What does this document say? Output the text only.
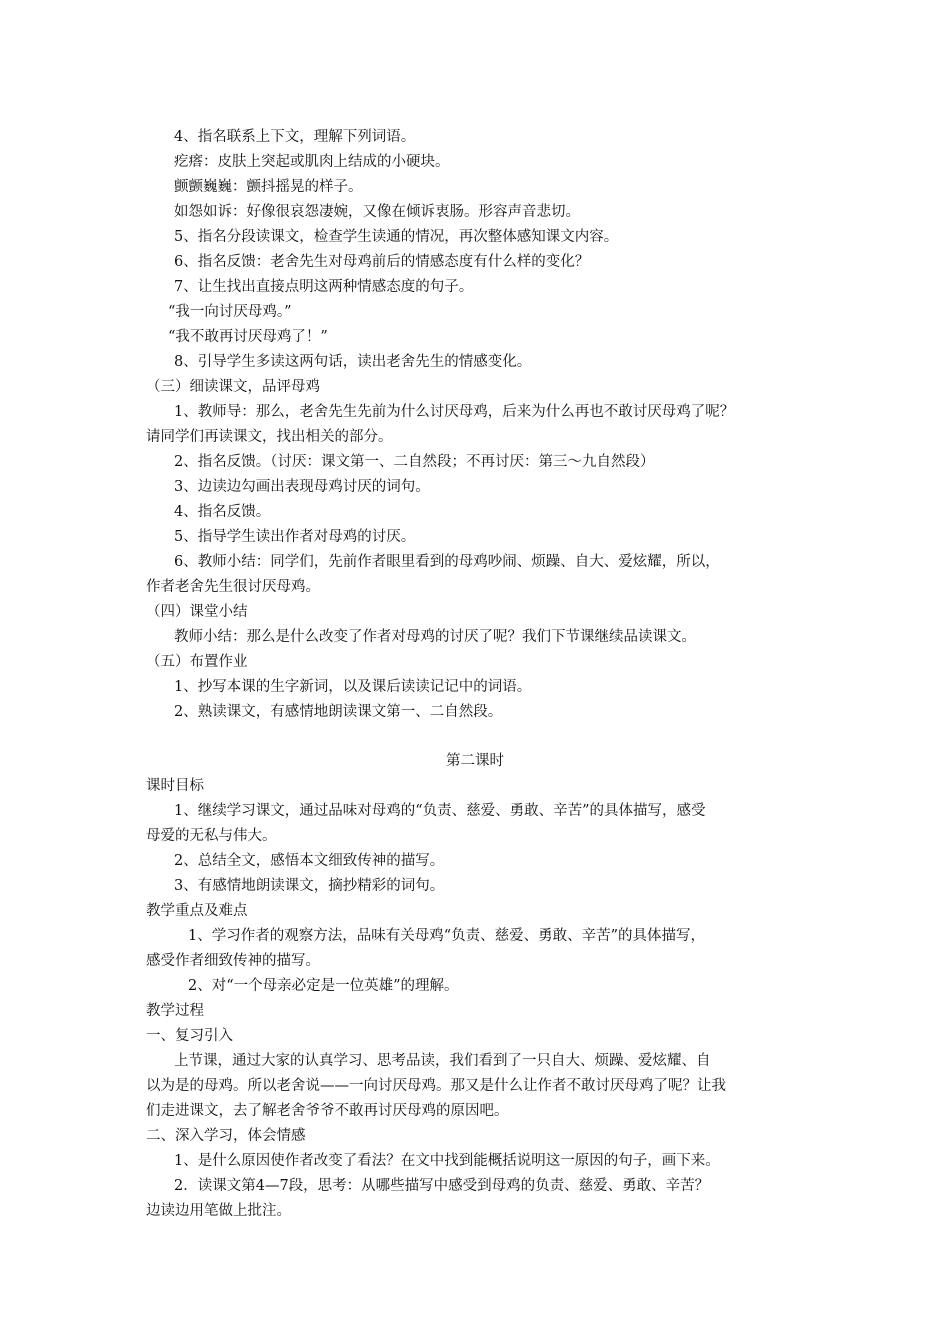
4、指名联系上下文，理解下列词语。
疙瘩：皮肤上突起或肌肉上结成的小硬块。
颤颤巍巍：颤抖摇晃的样子。
如怨如诉：好像很哀怨凄婉，又像在倾诉衷肠。形容声音悲切。
5、指名分段读课文，检查学生读通的情况，再次整体感知课文内容。
6、指名反馈：老舍先生对母鸡前后的情感态度有什么样的变化？
7、让生找出直接点明这两种情感态度的句子。
“我一向讨厌母鸡。”
“我不敢再讨厌母鸡了！”
8、引导学生多读这两句话，读出老舍先生的情感变化。
（三）细读课文，品评母鸡
1、教师导：那么，老舍先生先前为什么讨厌母鸡，后来为什么再也不敢讨厌母鸡了呢？
请同学们再读课文，找出相关的部分。
2、指名反馈。（讨厌：课文第一、二自然段；不再讨厌：第三～九自然段）
3、边读边勾画出表现母鸡讨厌的词句。
4、指名反馈。
5、指导学生读出作者对母鸡的讨厌。
6、教师小结：同学们，先前作者眼里看到的母鸡吵闹、烦躁、自大、爱炫耀，所以，
作者老舍先生很讨厌母鸡。
（四）课堂小结
教师小结：那么是什么改变了作者对母鸡的讨厌了呢？我们下节课继续品读课文。
（五）布置作业
1、抄写本课的生字新词，以及课后读读记记中的词语。
2、熟读课文，有感情地朗读课文第一、二自然段。
第二课时
课时目标
1、继续学习课文，通过品味对母鸡的“负责、慈爱、勇敢、辛苦”的具体描写，感受
母爱的无私与伟大。
2、总结全文，感悟本文细致传神的描写。
3、有感情地朗读课文，摘抄精彩的词句。
教学重点及难点
1、学习作者的观察方法，品味有关母鸡“负责、慈爱、勇敢、辛苦”的具体描写，
感受作者细致传神的描写。
2、对“一个母亲必定是一位英雄”的理解。
教学过程
一、复习引入
上节课，通过大家的认真学习、思考品读，我们看到了一只自大、烦躁、爱炫耀、自
以为是的母鸡。所以老舍说——一向讨厌母鸡。那又是什么让作者不敢讨厌母鸡了呢？让我
们走进课文，去了解老舍爷爷不敢再讨厌母鸡的原因吧。
二、深入学习，体会情感
1、是什么原因使作者改变了看法？在文中找到能概括说明这一原因的句子，画下来。
2．读课文第4—7段，思考：从哪些描写中感受到母鸡的负责、慈爱、勇敢、辛苦？
边读边用笔做上批注。
